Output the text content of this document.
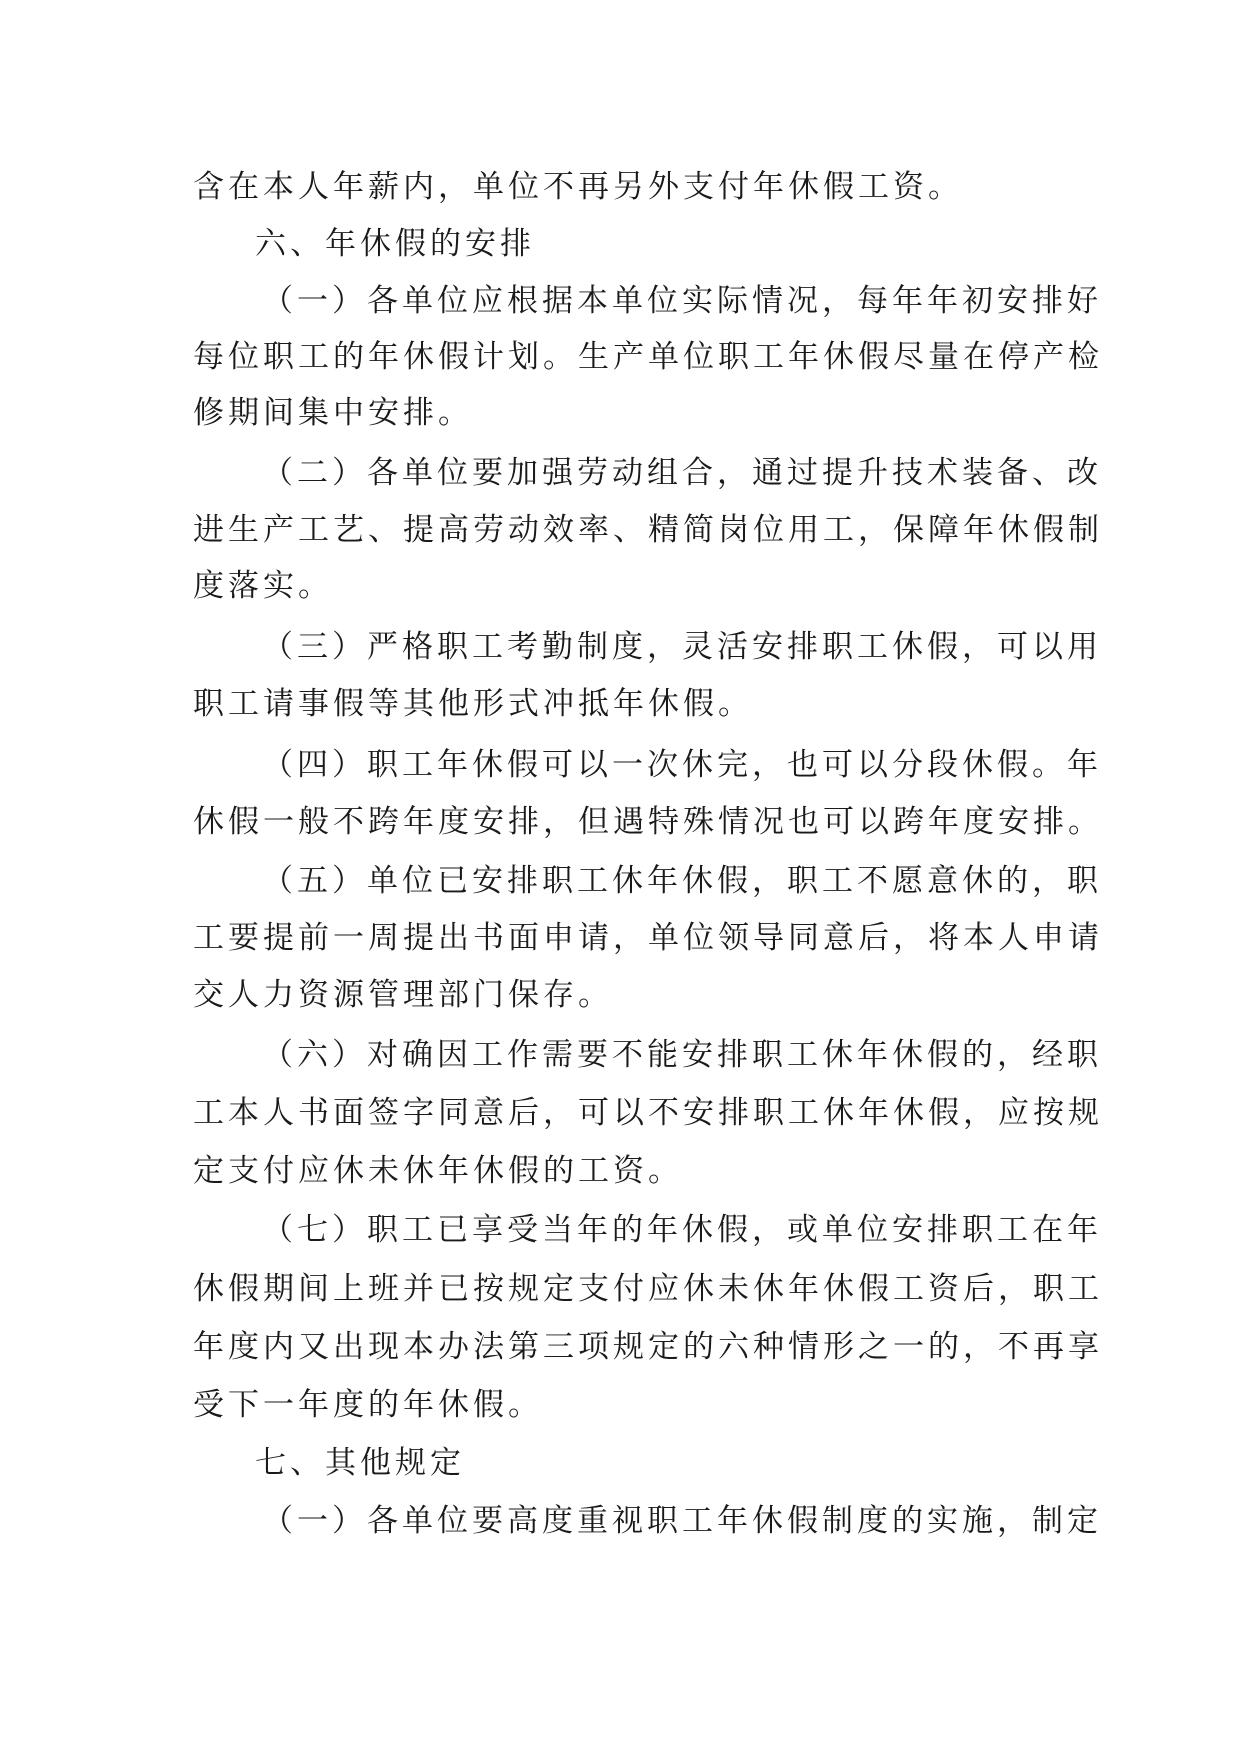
含在本人年薪内，单位不再另外支付年休假工资。
六、年休假的安排
（一）各单位应根据本单位实际情况，每年年初安排好
每位职工的年休假计划。生产单位职工年休假尽量在停产检
修期间集中安排。
（二）各单位要加强劳动组合，通过提升技术装备、改
进生产工艺、提高劳动效率、精简岗位用工，保障年休假制
度落实。
（三）严格职工考勤制度，灵活安排职工休假，可以用
职工请事假等其他形式冲抵年休假。
（四）职工年休假可以一次休完，也可以分段休假。年
休假一般不跨年度安排，但遇特殊情况也可以跨年度安排。
（五）单位已安排职工休年休假，职工不愿意休的，职
工要提前一周提出书面申请，单位领导同意后，将本人申请
交人力资源管理部门保存。
（六）对确因工作需要不能安排职工休年休假的，经职
工本人书面签字同意后，可以不安排职工休年休假，应按规
定支付应休未休年休假的工资。
（七）职工已享受当年的年休假，或单位安排职工在年
休假期间上班并已按规定支付应休未休年休假工资后，职工
年度内又出现本办法第三项规定的六种情形之一的，不再享
受下一年度的年休假。
七、其他规定
（一）各单位要高度重视职工年休假制度的实施，制定
